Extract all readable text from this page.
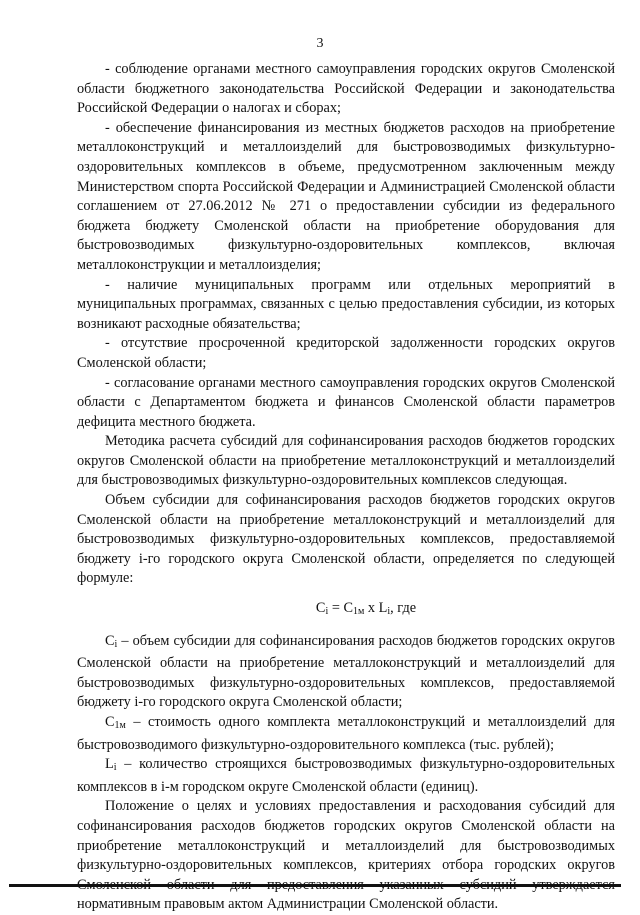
3

- соблюдение органами местного самоуправления городских округов Смоленской области бюджетного законодательства Российской Федерации и законодательства Российской Федерации о налогах и сборах;

- обеспечение финансирования из местных бюджетов расходов на приобретение металлоконструкций и металлоизделий для быстровозводимых физкультурно-оздоровительных комплексов в объеме, предусмотренном заключенным между Министерством спорта Российской Федерации и Администрацией Смоленской области соглашением от 27.06.2012 № 271 о предоставлении субсидии из федерального бюджета бюджету Смоленской области на приобретение оборудования для быстровозводимых физкультурно-оздоровительных комплексов, включая металлоконструкции и металлоизделия;

- наличие муниципальных программ или отдельных мероприятий в муниципальных программах, связанных с целью предоставления субсидии, из которых возникают расходные обязательства;

- отсутствие просроченной кредиторской задолженности городских округов Смоленской области;

- согласование органами местного самоуправления городских округов Смоленской области с Департаментом бюджета и финансов Смоленской области параметров дефицита местного бюджета.

Методика расчета субсидий для софинансирования расходов бюджетов городских округов Смоленской области на приобретение металлоконструкций и металлоизделий для быстровозводимых физкультурно-оздоровительных комплексов следующая.

Объем субсидии для софинансирования расходов бюджетов городских округов Смоленской области на приобретение металлоконструкций и металлоизделий для быстровозводимых физкультурно-оздоровительных комплексов, предоставляемой бюджету i-го городского округа Смоленской области, определяется по следующей формуле:

$C_i = C_{1м}$ x $L_i$, где

$C_i$ – объем субсидии для софинансирования расходов бюджетов городских округов Смоленской области на приобретение металлоконструкций и металлоизделий для быстровозводимых физкультурно-оздоровительных комплексов, предоставляемой бюджету i-го городского округа Смоленской области;

$C_{1м}$ – стоимость одного комплекта металлоконструкций и металлоизделий для быстровозводимого физкультурно-оздоровительного комплекса (тыс. рублей);

$L_i$ – количество строящихся быстровозводимых физкультурно-оздоровительных комплексов в i-м городском округе Смоленской области (единиц).

Положение о целях и условиях предоставления и расходования субсидий для софинансирования расходов бюджетов городских округов Смоленской области на приобретение металлоконструкций и металлоизделий для быстровозводимых физкультурно-оздоровительных комплексов, критериях отбора городских округов нормативным правовым актом Администрации Смоленской области.
